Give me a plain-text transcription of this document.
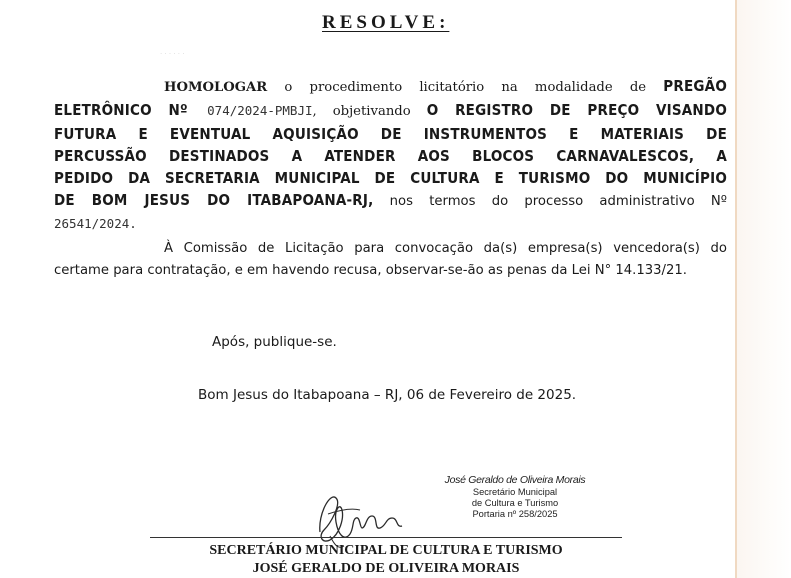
RESOLVE:
· · · · · ·
HOMOLOGAR o procedimento licitatório na modalidade de PREGÃO
ELETRÔNICO Nº 074/2024-PMBJI, objetivando O REGISTRO DE PREÇO VISANDO
FUTURA E EVENTUAL AQUISIÇÃO DE INSTRUMENTOS E MATERIAIS DE
PERCUSSÃO DESTINADOS A ATENDER AOS BLOCOS CARNAVALESCOS, A
PEDIDO DA SECRETARIA MUNICIPAL DE CULTURA E TURISMO DO MUNICÍPIO
DE BOM JESUS DO ITABAPOANA-RJ, nos termos do processo administrativo Nº
26541/2024.
À Comissão de Licitação para convocação da(s) empresa(s) vencedora(s) do
certame para contratação, e em havendo recusa, observar-se-ão as penas da Lei N° 14.133/21.
Após, publique-se.
Bom Jesus do Itabapoana – RJ, 06 de Fevereiro de 2025.
José Geraldo de Oliveira Morais
Secretário Municipal
de Cultura e Turismo
Portaria nº 258/2025
SECRETÁRIO MUNICIPAL DE CULTURA E TURISMO
JOSÉ GERALDO DE OLIVEIRA MORAIS
